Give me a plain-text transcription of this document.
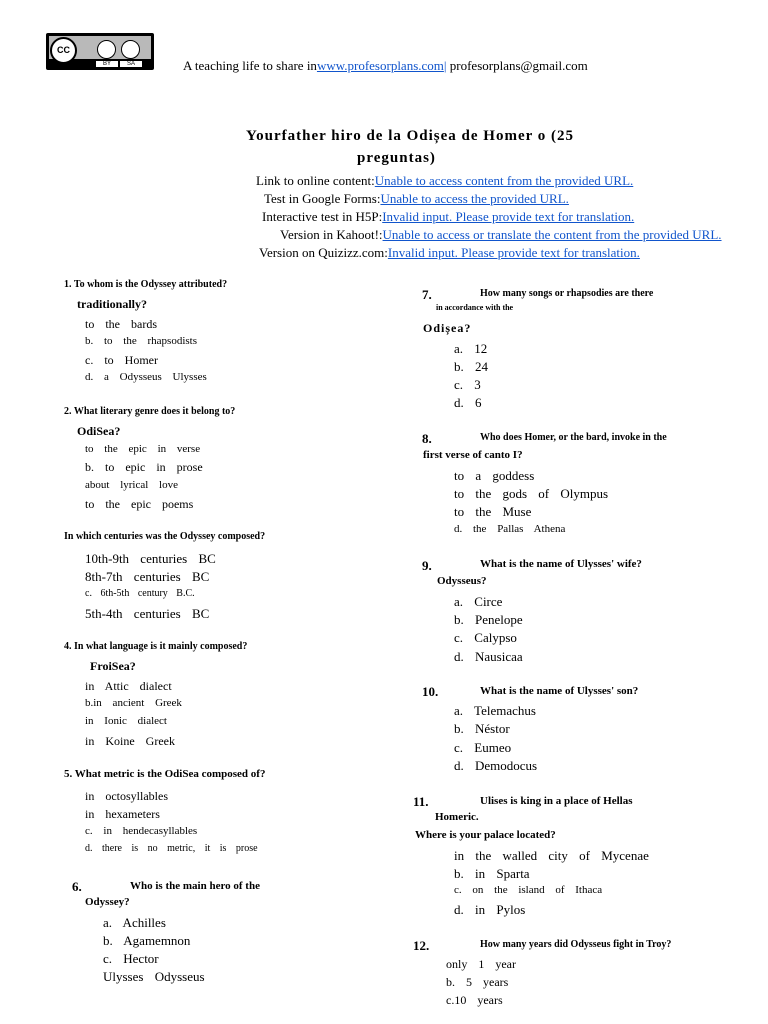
CC
BY	SA	A teaching life to share inwww.profesorplans.com| profesorplans@gmail.com
Yourfather hiro de la Odișea de Homer o (25
preguntas)
Link to online content:Unable to access content from the provided URL.
Test in Google Forms:Unable to access the provided URL.
Interactive test in H5P:Invalid input. Please provide text for translation.
Version in Kahoot!:Unable to access or translate the content from the provided URL.
Version on Quizizz.com:Invalid input. Please provide text for translation.
1. To whom is the Odyssey attributed?
traditionally?
to the bards
b. to the rhapsodists
c. to Homer
d. a Odysseus Ulysses
2. What literary genre does it belong to?
OdiSea?
to the epic in verse
b. to epic in prose
about lyrical love
to the epic poems
In which centuries was the Odyssey composed?
10th-9th centuries BC
8th-7th centuries BC
c. 6th-5th century B.C.
5th-4th centuries BC
4. In what language is it mainly composed?
FroiSea?
in Attic dialect
b.in ancient Greek
in Ionic dialect
in Koine Greek
5. What metric is the OdiSea composed of?
in octosyllables
in hexameters
c. in hendecasyllables
d. there is no metric, it is prose
6.	Who is the main hero of the
Odyssey?
a. Achilles
b. Agamemnon
c. Hector
Ulysses Odysseus
7.	How many songs or rhapsodies are there
in accordance with the
Odișea?
a. 12
b. 24
c. 3
d. 6
8.	Who does Homer, or the bard, invoke in the
first verse of canto I?
to a goddess
to the gods of Olympus
to the Muse
d. the Pallas Athena
9.	What is the name of Ulysses' wife?
Odysseus?
a. Circe
b. Penelope
c. Calypso
d. Nausicaa
10.	What is the name of Ulysses' son?
a. Telemachus
b. Néstor
c. Eumeo
d. Demodocus
11.	Ulises is king in a place of Hellas
Homeric.
Where is your palace located?
in the walled city of Mycenae
b. in Sparta
c. on the island of Ithaca
d. in Pylos
12.	How many years did Odysseus fight in Troy?
only 1 year
b. 5 years
c.10 years
